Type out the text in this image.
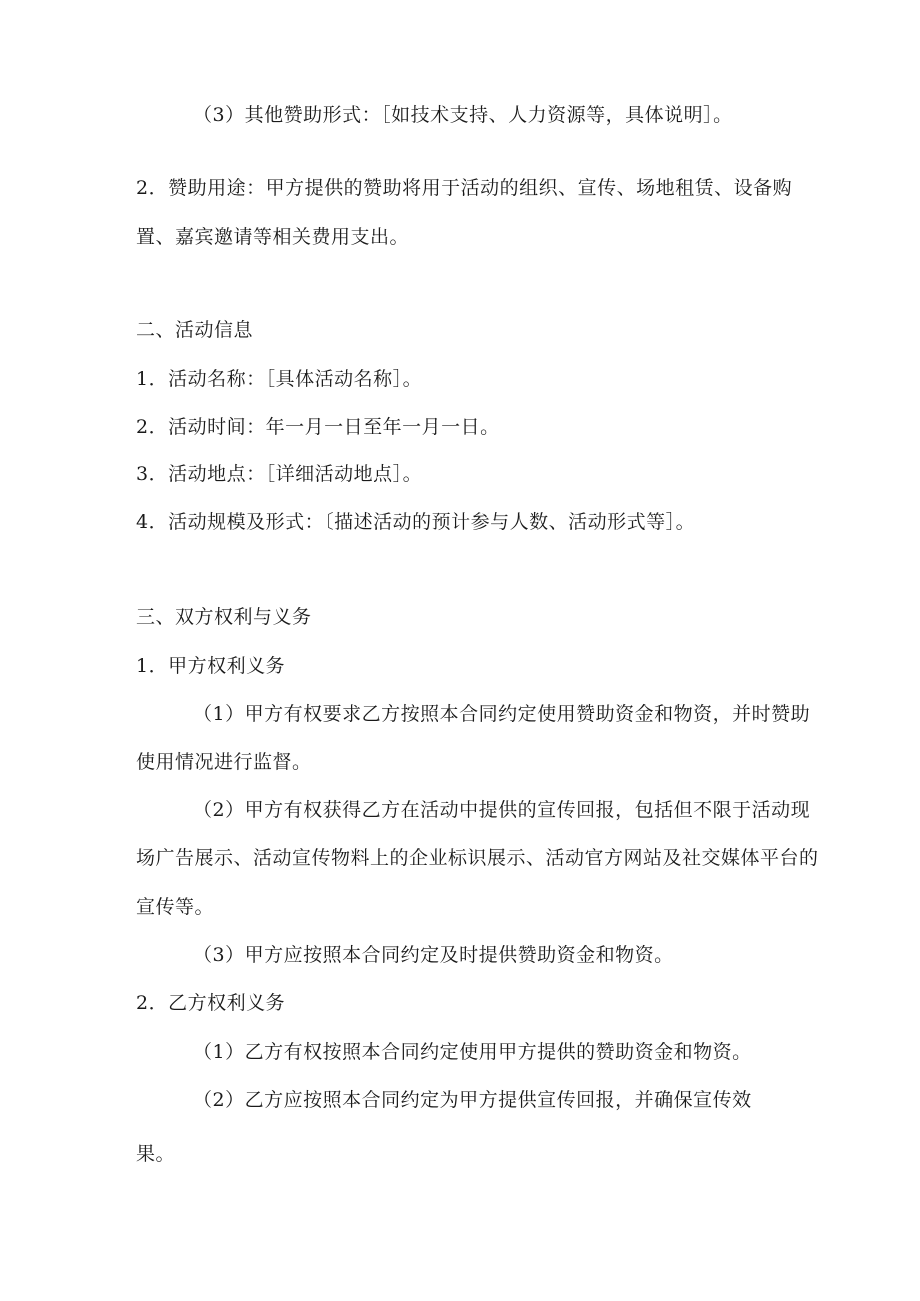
（3）其他赞助形式：［如技术支持、人力资源等，具体说明］。
2．赞助用途：甲方提供的赞助将用于活动的组织、宣传、场地租赁、设备购
置、嘉宾邀请等相关费用支出。
二、活动信息
1．活动名称：［具体活动名称］。
2．活动时间：年一月一日至年一月一日。
3．活动地点：［详细活动地点］。
4．活动规模及形式：〔描述活动的预计参与人数、活动形式等］。
三、双方权利与义务
1．甲方权利义务
（1）甲方有权要求乙方按照本合同约定使用赞助资金和物资，并时赞助
使用情况进行监督。
（2）甲方有权获得乙方在活动中提供的宣传回报，包括但不限于活动现
场广告展示、活动宣传物料上的企业标识展示、活动官方网站及社交媒体平台的
宣传等。
（3）甲方应按照本合同约定及时提供赞助资金和物资。
2．乙方权利义务
（1）乙方有权按照本合同约定使用甲方提供的赞助资金和物资。
（2）乙方应按照本合同约定为甲方提供宣传回报，并确保宣传效
果。
